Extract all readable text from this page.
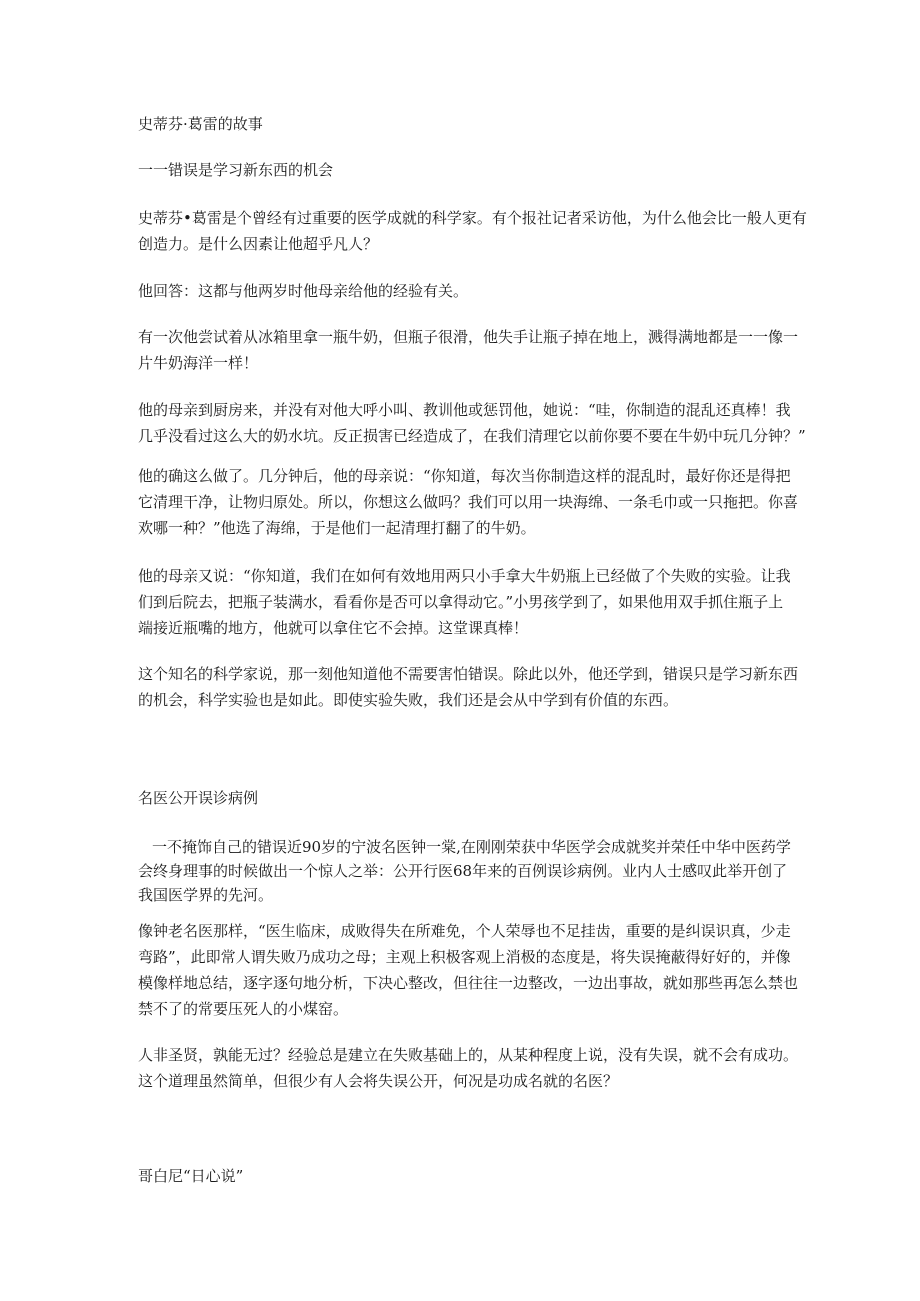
史蒂芬·葛雷的故事

一一错误是学习新东西的机会

史蒂芬•葛雷是个曾经有过重要的医学成就的科学家。有个报社记者采访他，为什么他会比一般人更有

创造力。是什么因素让他超乎凡人？

他回答：这都与他两岁时他母亲给他的经验有关。

有一次他尝试着从冰箱里拿一瓶牛奶，但瓶子很滑，他失手让瓶子掉在地上，溅得满地都是一一像一

片牛奶海洋一样！

他的母亲到厨房来，并没有对他大呼小叫、教训他或惩罚他，她说：“哇，你制造的混乱还真棒！我

几乎没看过这么大的奶水坑。反正损害已经造成了，在我们清理它以前你要不要在牛奶中玩几分钟？”

他的确这么做了。几分钟后，他的母亲说：“你知道，每次当你制造这样的混乱时，最好你还是得把

它清理干净，让物归原处。所以，你想这么做吗？我们可以用一块海绵、一条毛巾或一只拖把。你喜

欢哪一种？”他选了海绵，于是他们一起清理打翻了的牛奶。

他的母亲又说：“你知道，我们在如何有效地用两只小手拿大牛奶瓶上已经做了个失败的实验。让我

们到后院去，把瓶子装满水，看看你是否可以拿得动它。”小男孩学到了，如果他用双手抓住瓶子上

端接近瓶嘴的地方，他就可以拿住它不会掉。这堂课真棒！

这个知名的科学家说，那一刻他知道他不需要害怕错误。除此以外，他还学到，错误只是学习新东西

的机会，科学实验也是如此。即使实验失败，我们还是会从中学到有价值的东西。

名医公开误诊病例

一不掩饰自己的错误近90岁的宁波名医钟一棠,在刚刚荣获中华医学会成就奖并荣任中华中医药学

会终身理事的时候做出一个惊人之举：公开行医68年来的百例误诊病例。业内人士感叹此举开创了

我国医学界的先河。

像钟老名医那样，“医生临床，成败得失在所难免，个人荣辱也不足挂齿，重要的是纠误识真，少走

弯路”，此即常人谓失败乃成功之母；主观上积极客观上消极的态度是，将失误掩蔽得好好的，并像

模像样地总结，逐字逐句地分析，下决心整改，但往往一边整改，一边出事故，就如那些再怎么禁也

禁不了的常要压死人的小煤窑。

人非圣贤，孰能无过？经验总是建立在失败基础上的，从某种程度上说，没有失误，就不会有成功。

这个道理虽然简单，但很少有人会将失误公开，何况是功成名就的名医？

哥白尼“日心说”
